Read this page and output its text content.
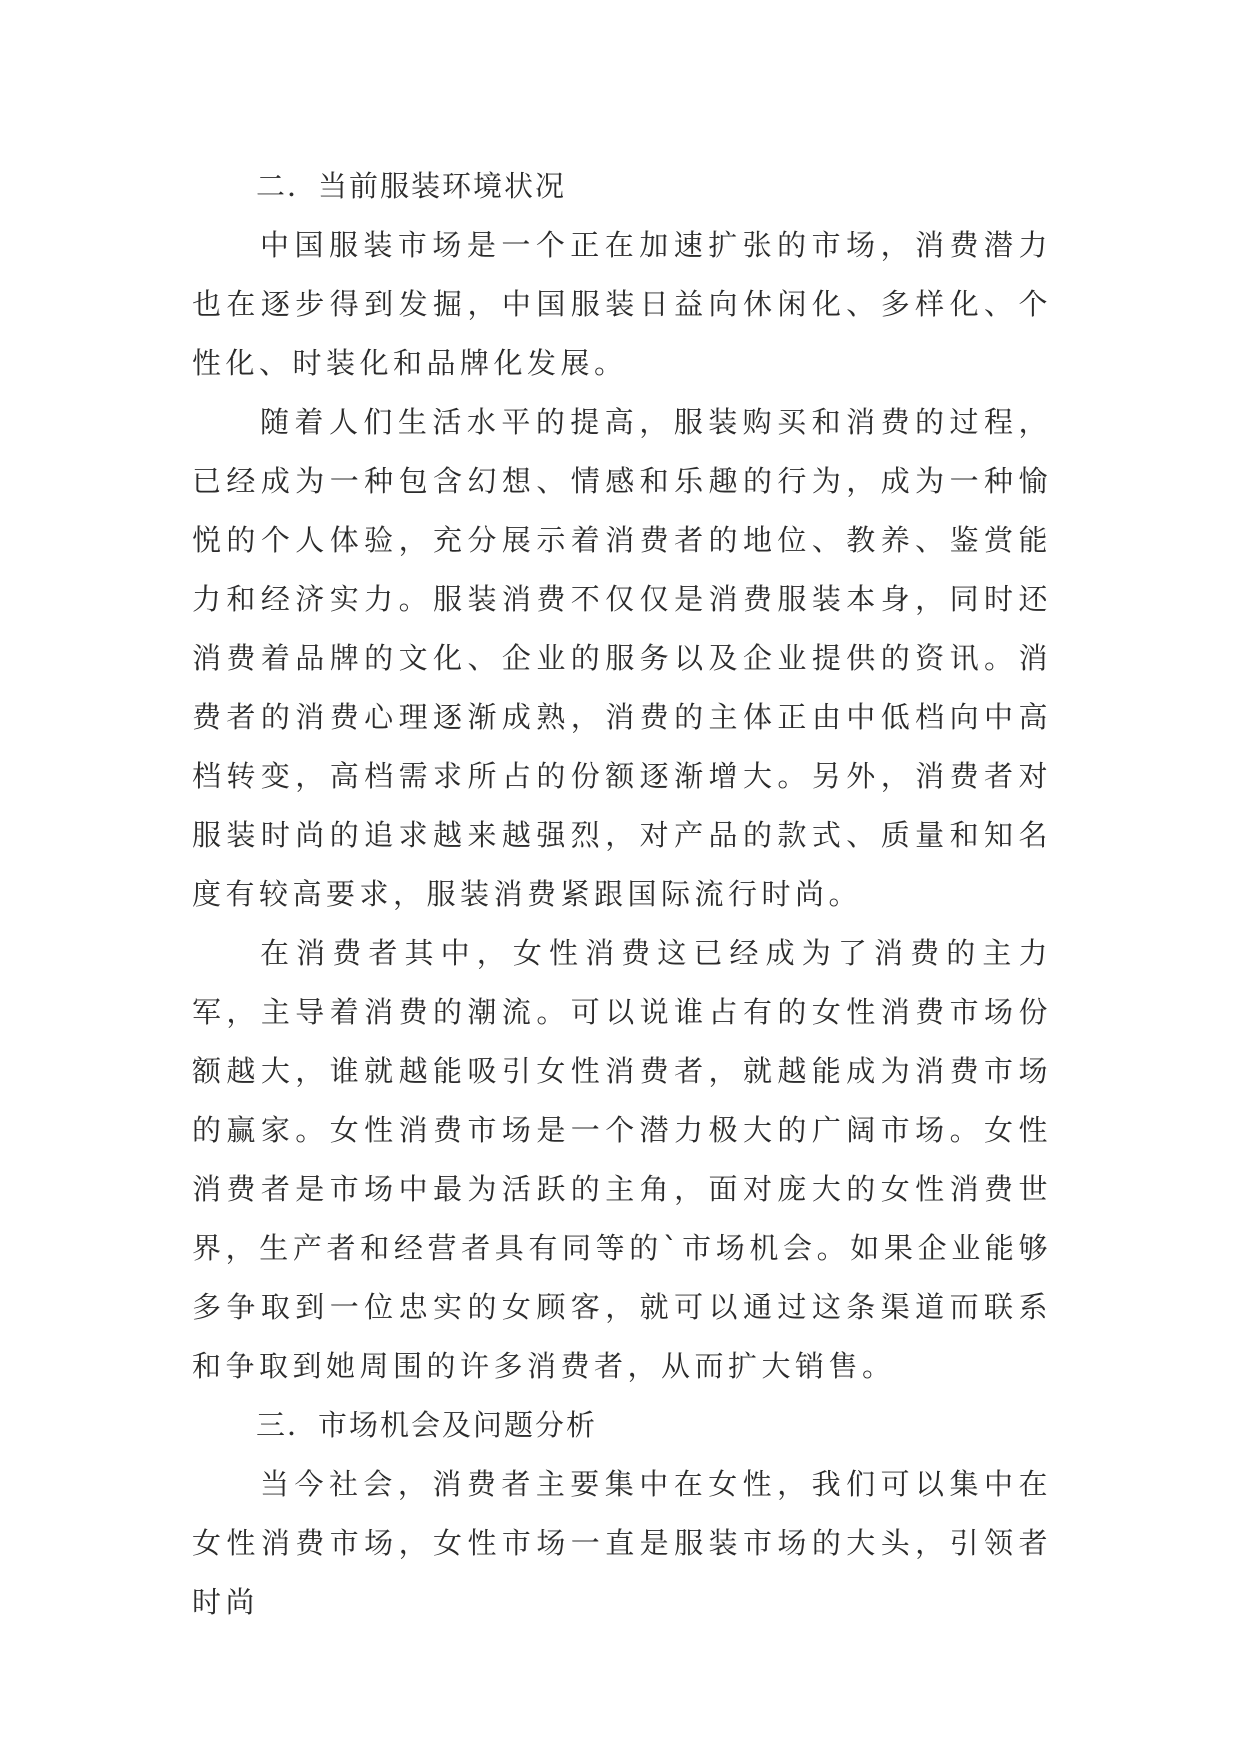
二．当前服装环境状况

中国服装市场是一个正在加速扩张的市场，消费潜力也在逐步得到发掘，中国服装日益向休闲化、多样化、个性化、时装化和品牌化发展。

随着人们生活水平的提高，服装购买和消费的过程，已经成为一种包含幻想、情感和乐趣的行为，成为一种愉悦的个人体验，充分展示着消费者的地位、教养、鉴赏能力和经济实力。服装消费不仅仅是消费服装本身，同时还消费着品牌的文化、企业的服务以及企业提供的资讯。消费者的消费心理逐渐成熟，消费的主体正由中低档向中高档转变，高档需求所占的份额逐渐增大。另外，消费者对服装时尚的追求越来越强烈，对产品的款式、质量和知名度有较高要求，服装消费紧跟国际流行时尚。

在消费者其中，女性消费这已经成为了消费的主力军，主导着消费的潮流。可以说谁占有的女性消费市场份额越大，谁就越能吸引女性消费者，就越能成为消费市场的赢家。女性消费市场是一个潜力极大的广阔市场。女性消费者是市场中最为活跃的主角，面对庞大的女性消费世界，生产者和经营者具有同等的`市场机会。如果企业能够多争取到一位忠实的女顾客，就可以通过这条渠道而联系和争取到她周围的许多消费者，从而扩大销售。

三．市场机会及问题分析

当今社会，消费者主要集中在女性，我们可以集中在女性消费市场，女性市场一直是服装市场的大头，引领者时尚
